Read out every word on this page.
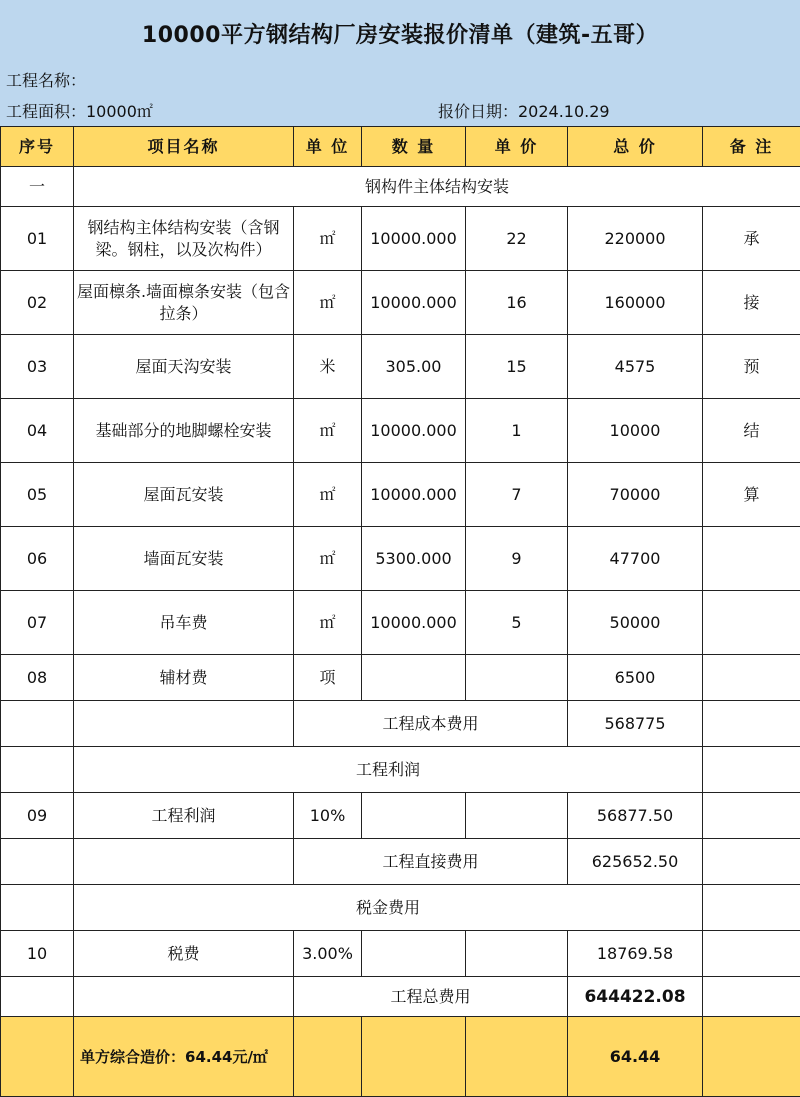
10000平方钢结构厂房安装报价清单（建筑-五哥）
工程名称：
工程面积：10000㎡	报价日期：2024.10.29
序号	项目名称	单 位	数 量	单 价	总 价	备 注
一	钢构件主体结构安装					
01	钢结构主体结构安装（含钢梁。钢柱，以及次构件）	㎡	10000.000	22	220000	承
02	屋面檩条.墙面檩条安装（包含拉条）	㎡	10000.000	16	160000	接
03	屋面天沟安装	米	305.00	15	4575	预
04	基础部分的地脚螺栓安装	㎡	10000.000	1	10000	结
05	屋面瓦安装	㎡	10000.000	7	70000	算
06	墙面瓦安装	㎡	5300.000	9	47700	
07	吊车费	㎡	10000.000	5	50000	
08	辅材费	项			6500	
		工程成本费用			568775	
	工程利润					
09	工程利润	10%			56877.50	
		工程直接费用			625652.50	
	税金费用					
10	税费	3.00%			18769.58	
		工程总费用			644422.08	
	单方综合造价：64.44元/㎡				64.44	
